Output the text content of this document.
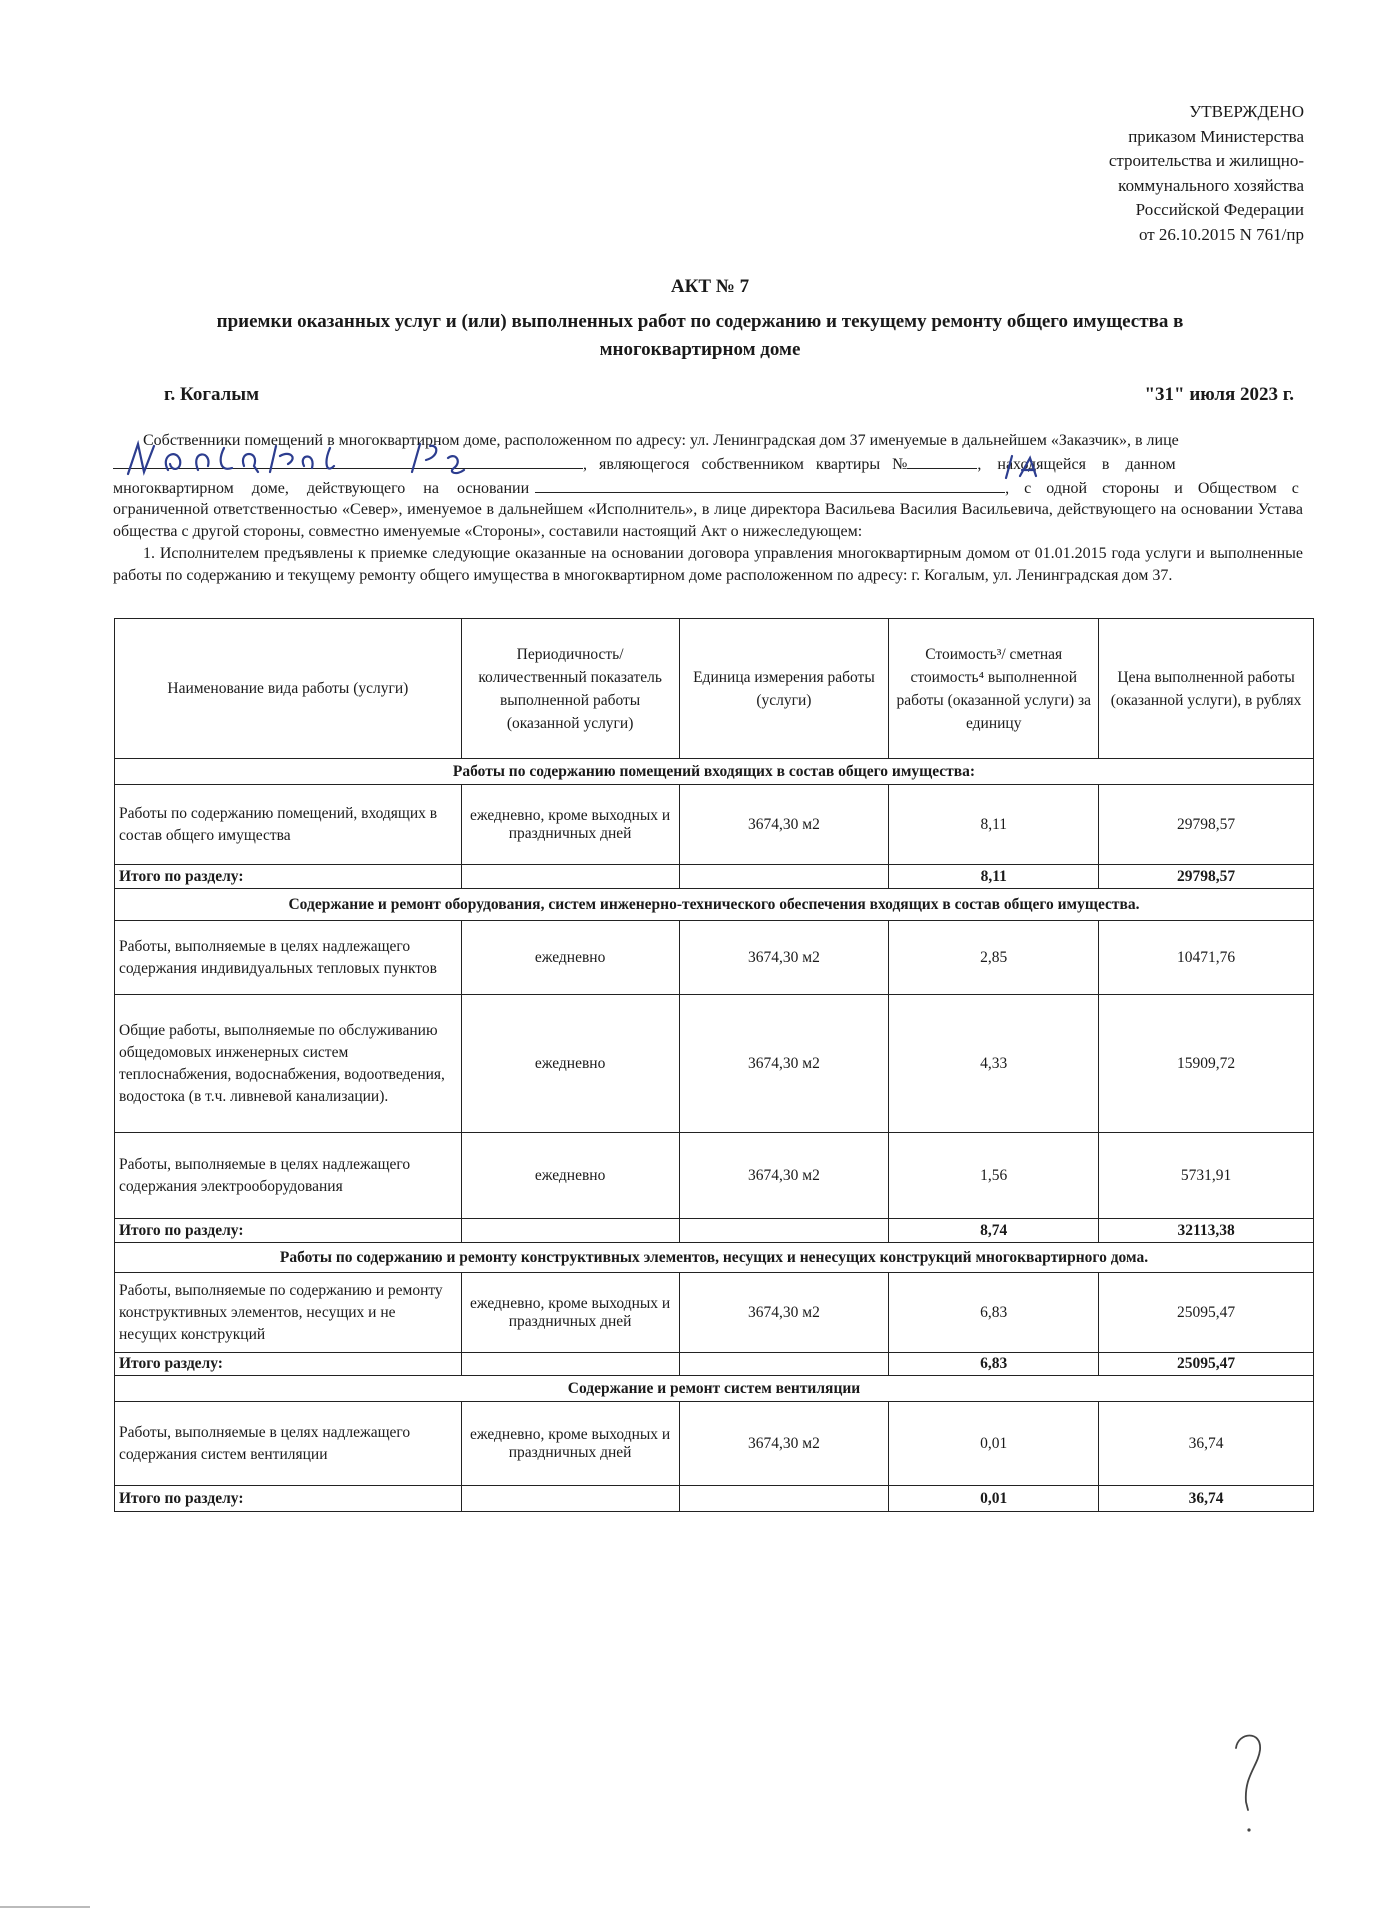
УТВЕРЖДЕНО
приказом Министерства
строительства и жилищно-
коммунального хозяйства
Российской Федерации
от 26.10.2015 N 761/пр
АКТ № 7
приемки оказанных услуг и (или) выполненных работ по содержанию и текущему ремонту общего имущества в многоквартирном доме
г. Когалым	"31" июля 2023 г.
Собственники помещений в многоквартирном доме, расположенном по адресу: ул. Ленинградская дом 37 именуемые в дальнейшем «Заказчик», в лице
, являющегося собственником квартиры №	, находящейся в данном
многоквартирном доме, действующего на основании	, с одной стороны и Обществом с
ограниченной ответственностью «Север», именуемое в дальнейшем «Исполнитель», в лице директора Васильева Василия Васильевича, действующего на основании Устава общества с другой стороны, совместно именуемые «Стороны», составили настоящий Акт о нижеследующем:
1. Исполнителем предъявлены к приемке следующие оказанные на основании договора управления многоквартирным домом от 01.01.2015 года услуги и выполненные работы по содержанию и текущему ремонту общего имущества в многоквартирном доме расположенном по адресу: г. Когалым, ул. Ленинградская дом 37.
Наименование вида работы (услуги)	Периодичность/ количественный показатель выполненной работы (оказанной услуги)	Единица измерения работы (услуги)	Стоимость³/ сметная стоимость⁴ выполненной работы (оказанной услуги) за единицу	Цена выполненной работы (оказанной услуги), в рублях
Работы по содержанию помещений входящих в состав общего имущества:				
Работы по содержанию помещений, входящих в состав общего имущества	ежедневно, кроме выходных и праздничных дней	3674,30 м2	8,11	29798,57
Итого по разделу:			8,11	29798,57
Содержание и ремонт оборудования, систем инженерно-технического обеспечения входящих в состав общего имущества.				
Работы, выполняемые в целях надлежащего содержания индивидуальных тепловых пунктов	ежедневно	3674,30 м2	2,85	10471,76
Общие работы, выполняемые по обслуживанию общедомовых инженерных систем теплоснабжения, водоснабжения, водоотведения, водостока (в т.ч. ливневой канализации).	ежедневно	3674,30 м2	4,33	15909,72
Работы, выполняемые в целях надлежащего содержания электрооборудования	ежедневно	3674,30 м2	1,56	5731,91
Итого по разделу:			8,74	32113,38
Работы по содержанию и ремонту конструктивных элементов, несущих и ненесущих конструкций многоквартирного дома.				
Работы, выполняемые по содержанию и ремонту конструктивных элементов, несущих и не несущих конструкций	ежедневно, кроме выходных и праздничных дней	3674,30 м2	6,83	25095,47
Итого разделу:			6,83	25095,47
Содержание и ремонт систем вентиляции				
Работы, выполняемые в целях надлежащего содержания систем вентиляции	ежедневно, кроме выходных и праздничных дней	3674,30 м2	0,01	36,74
Итого по разделу:			0,01	36,74
